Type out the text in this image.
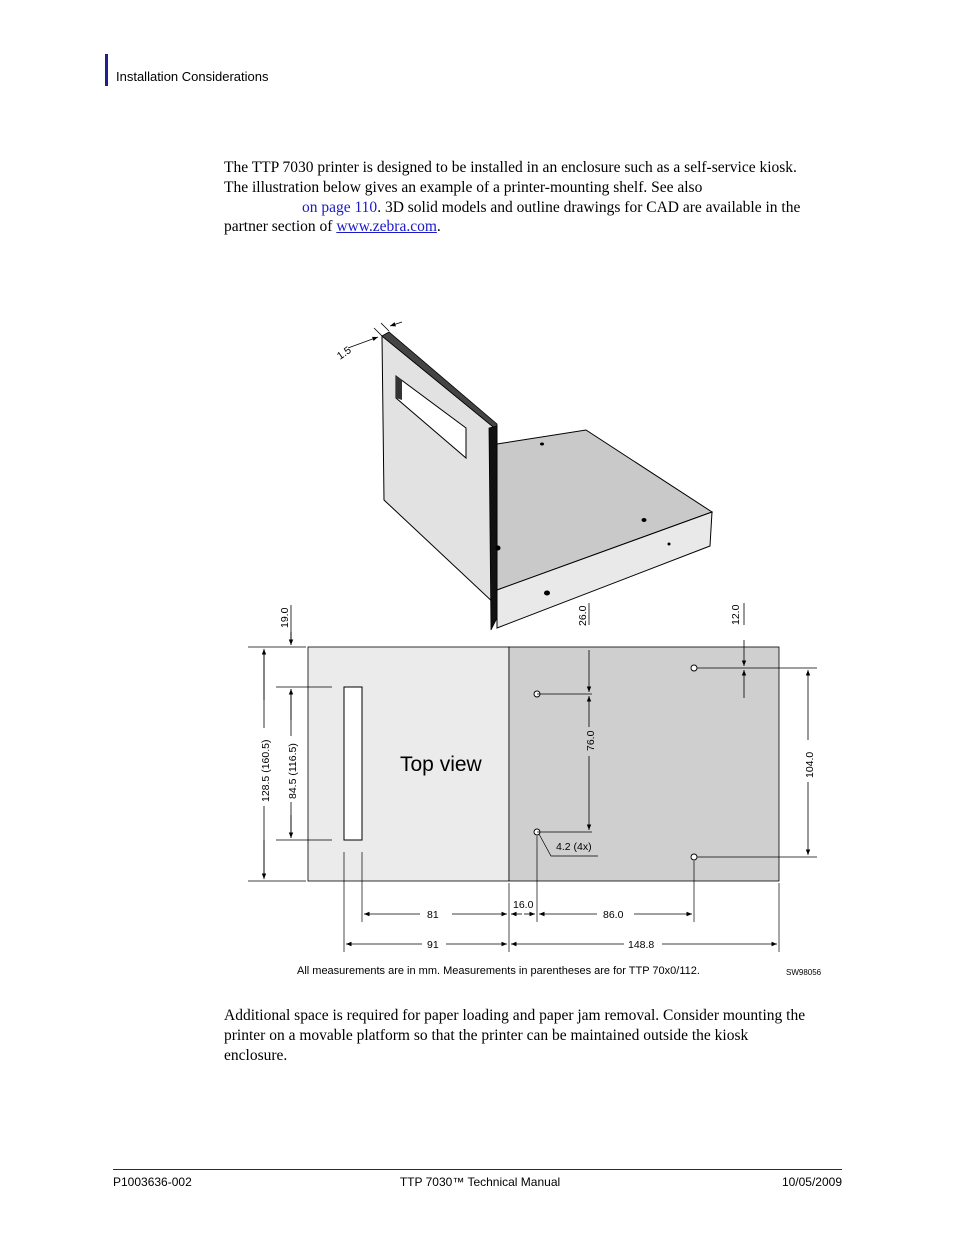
Installation Considerations
The TTP 7030 printer is designed to be installed in an enclosure such as a self-service kiosk.
The illustration below gives an example of a printer-mounting shelf. See also
on page 110. 3D solid models and outline drawings for CAD are available in the
partner section of www.zebra.com.
1.5
Top view
128.5 (160.5) 84.5 (116.5)
19.0	26.0
76.0
12.0
104.0
4.2 (4x)
81
16.0
86.0
91	148.8
All measurements are in mm. Measurements in parentheses are for TTP 70x0/112.	SW98056
Additional space is required for paper loading and paper jam removal. Consider mounting the
printer on a movable platform so that the printer can be maintained outside the kiosk
enclosure.
P1003636-002	TTP 7030™ Technical Manual	10/05/2009
